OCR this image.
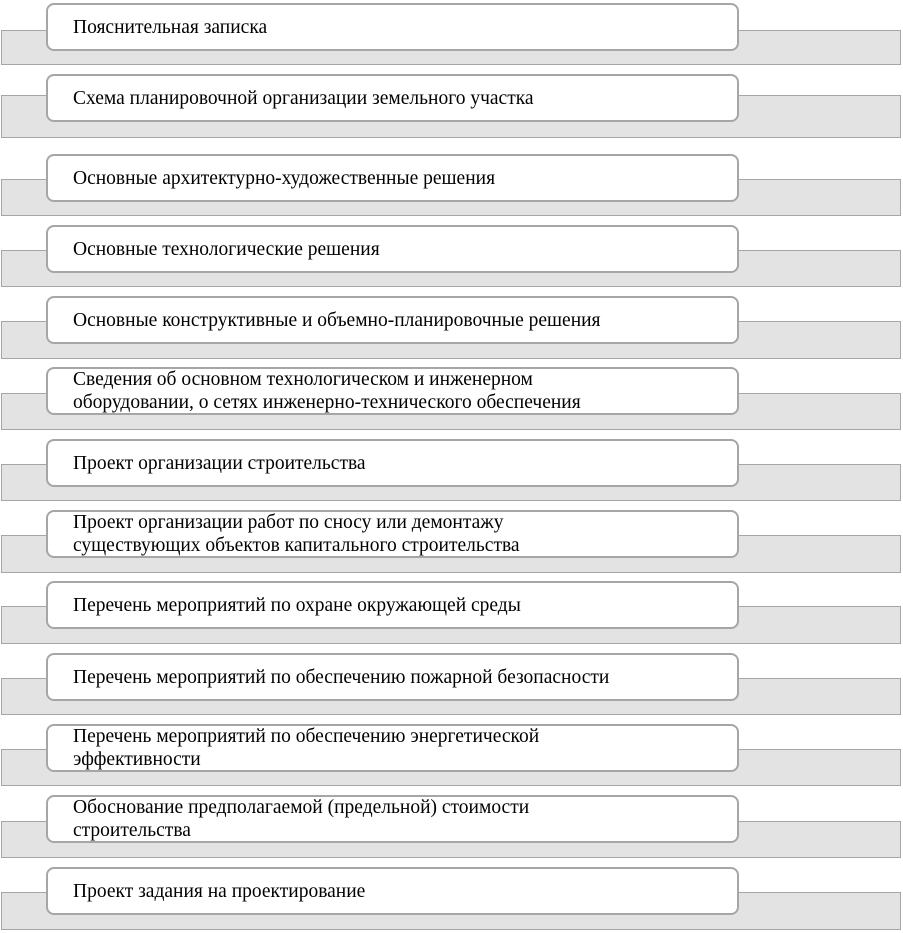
Пояснительная записка
Схема планировочной организации земельного участка
Основные архитектурно-художественные решения
Основные технологические решения
Основные конструктивные и объемно-планировочные решения
Сведения об основном технологическом и инженерном
оборудовании, о сетях инженерно-технического обеспечения
Проект организации строительства
Проект организации работ по сносу или демонтажу
существующих объектов капитального строительства
Перечень мероприятий по охране окружающей среды
Перечень мероприятий по обеспечению пожарной безопасности
Перечень мероприятий по обеспечению энергетической
эффективности
Обоснование предполагаемой (предельной) стоимости
строительства
Проект задания на проектирование
